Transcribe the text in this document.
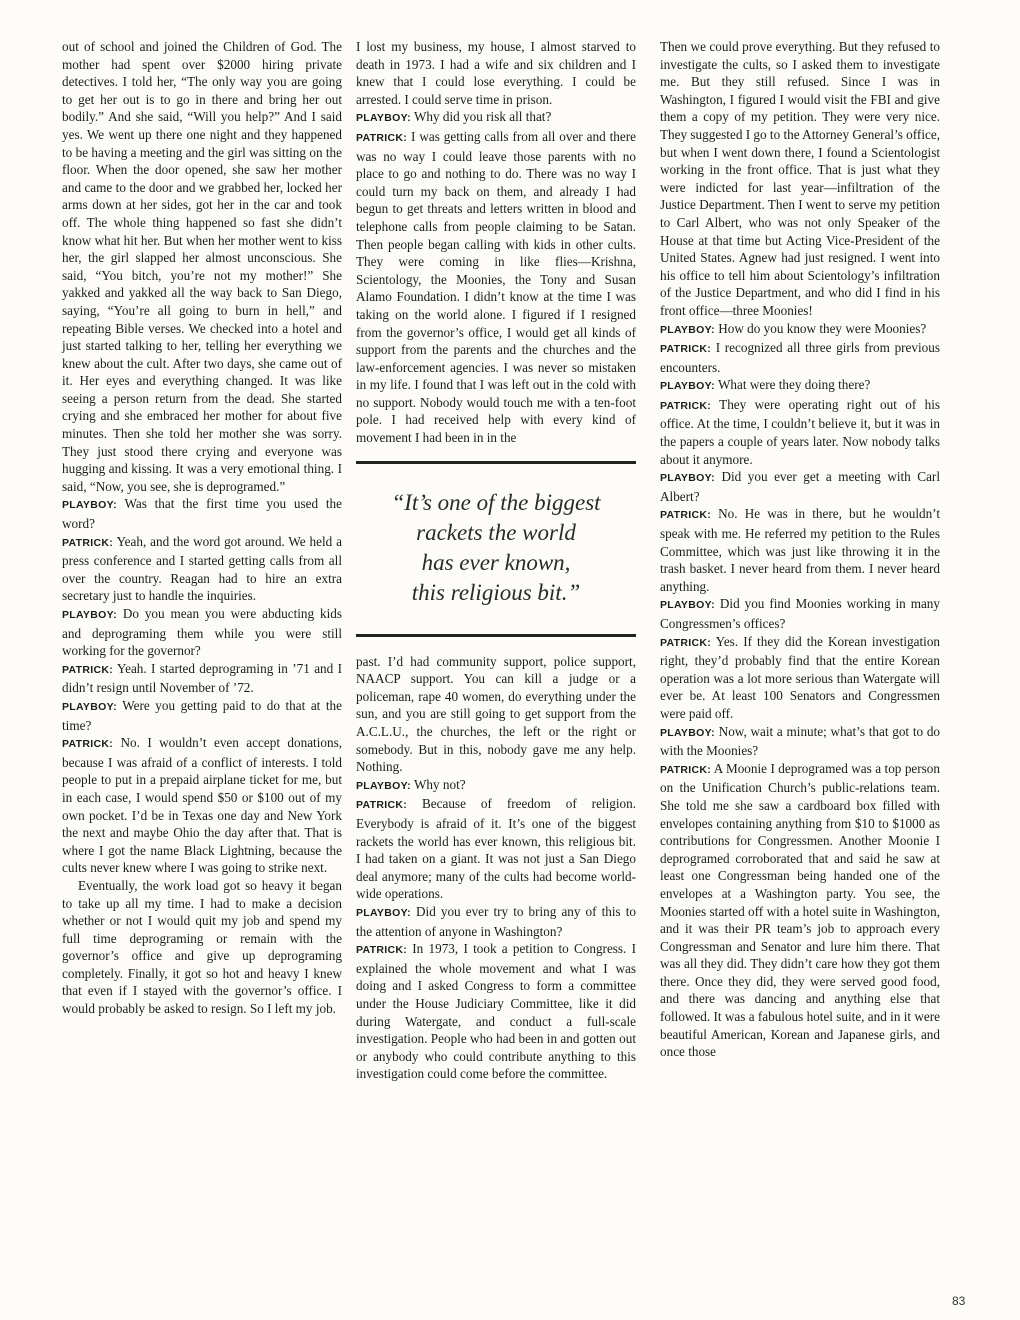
out of school and joined the Children of God. The mother had spent over $2000 hiring private detectives. I told her, “The only way you are going to get her out is to go in there and bring her out bodily.” And she said, “Will you help?” And I said yes. We went up there one night and they happened to be having a meeting and the girl was sitting on the floor. When the door opened, she saw her mother and came to the door and we grabbed her, locked her arms down at her sides, got her in the car and took off. The whole thing happened so fast she didn’t know what hit her. But when her mother went to kiss her, the girl slapped her almost unconscious. She said, “You bitch, you’re not my mother!” She yakked and yakked all the way back to San Diego, saying, “You’re all going to burn in hell,” and repeating Bible verses. We checked into a hotel and just started talking to her, telling her everything we knew about the cult. After two days, she came out of it. Her eyes and everything changed. It was like seeing a person return from the dead. She started crying and she embraced her mother for about five minutes. Then she told her mother she was sorry. They just stood there crying and everyone was hugging and kissing. It was a very emotional thing. I said, “Now, you see, she is deprogramed.”

PLAYBOY: Was that the first time you used the word?

PATRICK: Yeah, and the word got around. We held a press conference and I started getting calls from all over the country. Reagan had to hire an extra secretary just to handle the inquiries.

PLAYBOY: Do you mean you were abducting kids and deprograming them while you were still working for the governor?

PATRICK: Yeah. I started deprograming in ’71 and I didn’t resign until November of ’72.

PLAYBOY: Were you getting paid to do that at the time?

PATRICK: No. I wouldn’t even accept donations, because I was afraid of a conflict of interests. I told people to put in a prepaid airplane ticket for me, but in each case, I would spend $50 or $100 out of my own pocket. I’d be in Texas one day and New York the next and maybe Ohio the day after that. That is where I got the name Black Lightning, because the cults never knew where I was going to strike next.

Eventually, the work load got so heavy it began to take up all my time. I had to make a decision whether or not I would quit my job and spend my full time deprograming or remain with the governor’s office and give up deprograming completely. Finally, it got so hot and heavy I knew that even if I stayed with the governor’s office. I would probably be asked to resign. So I left my job.

I lost my business, my house, I almost starved to death in 1973. I had a wife and six children and I knew that I could lose everything. I could be arrested. I could serve time in prison.

PLAYBOY: Why did you risk all that?

PATRICK: I was getting calls from all over and there was no way I could leave those parents with no place to go and nothing to do. There was no way I could turn my back on them, and already I had begun to get threats and letters written in blood and telephone calls from people claiming to be Satan. Then people began calling with kids in other cults. They were coming in like flies—Krishna, Scientology, the Moonies, the Tony and Susan Alamo Foundation. I didn’t know at the time I was taking on the world alone. I figured if I resigned from the governor’s office, I would get all kinds of support from the parents and the churches and the law-enforcement agencies. I was never so mistaken in my life. I found that I was left out in the cold with no support. Nobody would touch me with a ten-foot pole. I had received help with every kind of movement I had been in in the

“It’s one of the biggest
rackets the world
has ever known,
this religious bit.”

past. I’d had community support, police support, NAACP support. You can kill a judge or a policeman, rape 40 women, do everything under the sun, and you are still going to get support from the A.C.L.U., the churches, the left or the right or somebody. But in this, nobody gave me any help. Nothing.

PLAYBOY: Why not?

PATRICK: Because of freedom of religion. Everybody is afraid of it. It’s one of the biggest rackets the world has ever known, this religious bit. I had taken on a giant. It was not just a San Diego deal anymore; many of the cults had become world-wide operations.

PLAYBOY: Did you ever try to bring any of this to the attention of anyone in Washington?

PATRICK: In 1973, I took a petition to Congress. I explained the whole movement and what I was doing and I asked Congress to form a committee under the House Judiciary Committee, like it did during Watergate, and conduct a full-scale investigation. People who had been in and gotten out or anybody who could contribute anything to this investigation could come before the committee.

Then we could prove everything. But they refused to investigate the cults, so I asked them to investigate me. But they still refused. Since I was in Washington, I figured I would visit the FBI and give them a copy of my petition. They were very nice. They suggested I go to the Attorney General’s office, but when I went down there, I found a Scientologist working in the front office. That is just what they were indicted for last year—infiltration of the Justice Department. Then I went to serve my petition to Carl Albert, who was not only Speaker of the House at that time but Acting Vice-President of the United States. Agnew had just resigned. I went into his office to tell him about Scientology’s infiltration of the Justice Department, and who did I find in his front office—three Moonies!

PLAYBOY: How do you know they were Moonies?

PATRICK: I recognized all three girls from previous encounters.

PLAYBOY: What were they doing there?

PATRICK: They were operating right out of his office. At the time, I couldn’t believe it, but it was in the papers a couple of years later. Now nobody talks about it anymore.

PLAYBOY: Did you ever get a meeting with Carl Albert?

PATRICK: No. He was in there, but he wouldn’t speak with me. He referred my petition to the Rules Committee, which was just like throwing it in the trash basket. I never heard from them. I never heard anything.

PLAYBOY: Did you find Moonies working in many Congressmen’s offices?

PATRICK: Yes. If they did the Korean investigation right, they’d probably find that the entire Korean operation was a lot more serious than Watergate will ever be. At least 100 Senators and Congressmen were paid off.

PLAYBOY: Now, wait a minute; what’s that got to do with the Moonies?

PATRICK: A Moonie I deprogramed was a top person on the Unification Church’s public-relations team. She told me she saw a cardboard box filled with envelopes containing anything from $10 to $1000 as contributions for Congressmen. Another Moonie I deprogramed corroborated that and said he saw at least one Congressman being handed one of the envelopes at a Washington party. You see, the Moonies started off with a hotel suite in Washington, and it was their PR team’s job to approach every Congressman and Senator and lure him there. That was all they did. They didn’t care how they got them there. Once they did, they were served good food, and there was dancing and anything else that followed. It was a fabulous hotel suite, and in it were beautiful American, Korean and Japanese girls, and once those

83
